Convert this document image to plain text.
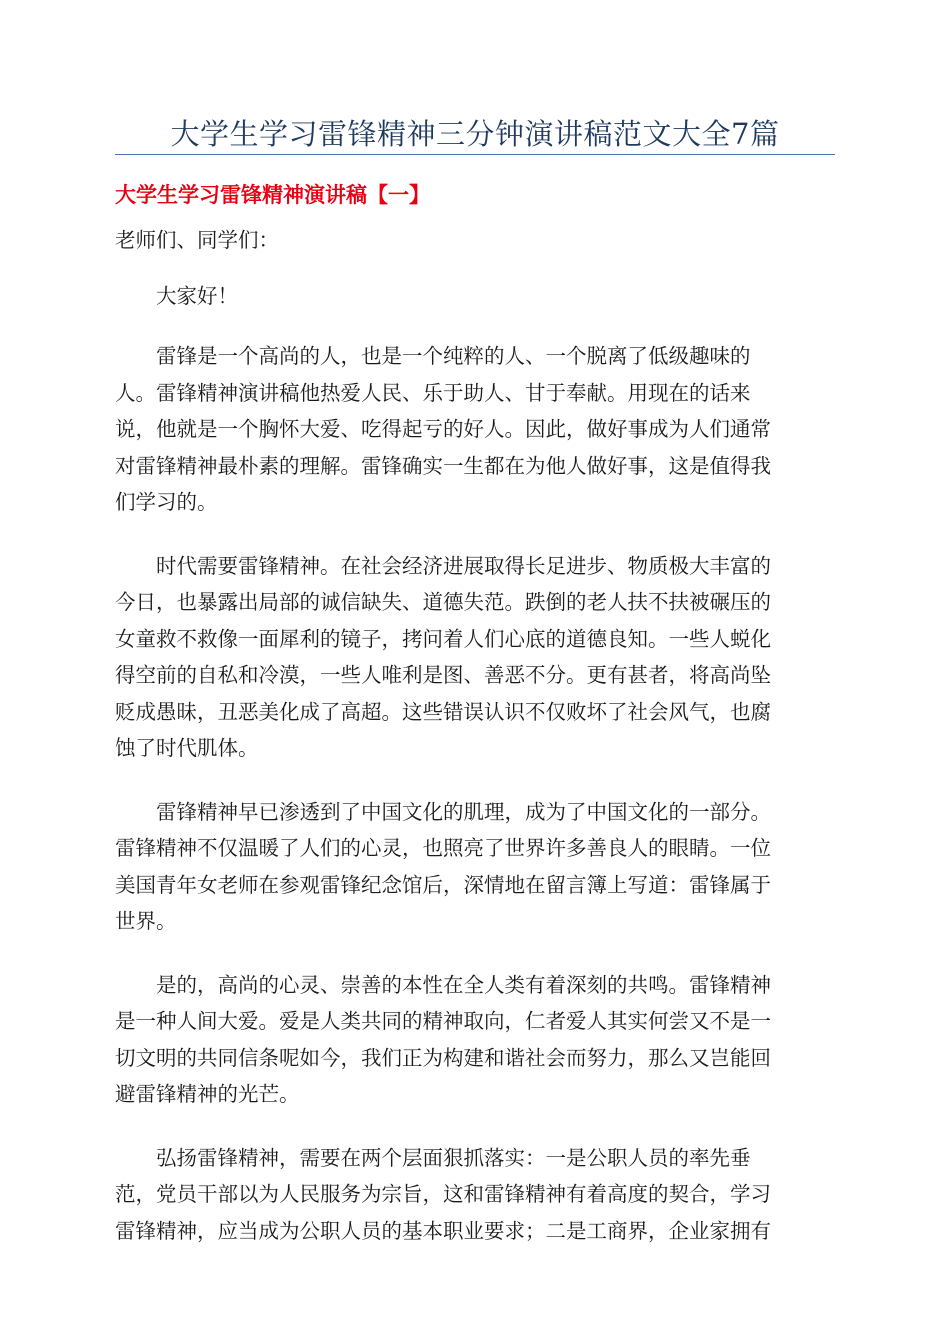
大学生学习雷锋精神三分钟演讲稿范文大全7篇
大学生学习雷锋精神演讲稿【一】
老师们、同学们：
大家好！
雷锋是一个高尚的人，也是一个纯粹的人、一个脱离了低级趣味的
人。雷锋精神演讲稿他热爱人民、乐于助人、甘于奉献。用现在的话来
说，他就是一个胸怀大爱、吃得起亏的好人。因此，做好事成为人们通常
对雷锋精神最朴素的理解。雷锋确实一生都在为他人做好事，这是值得我
们学习的。
时代需要雷锋精神。在社会经济进展取得长足进步、物质极大丰富的
今日，也暴露出局部的诚信缺失、道德失范。跌倒的老人扶不扶被碾压的
女童救不救像一面犀利的镜子，拷问着人们心底的道德良知。一些人蜕化
得空前的自私和冷漠，一些人唯利是图、善恶不分。更有甚者，将高尚坠
贬成愚昧，丑恶美化成了高超。这些错误认识不仅败坏了社会风气，也腐
蚀了时代肌体。
雷锋精神早已渗透到了中国文化的肌理，成为了中国文化的一部分。
雷锋精神不仅温暖了人们的心灵，也照亮了世界许多善良人的眼睛。一位
美国青年女老师在参观雷锋纪念馆后，深情地在留言簿上写道：雷锋属于
世界。
是的，高尚的心灵、崇善的本性在全人类有着深刻的共鸣。雷锋精神
是一种人间大爱。爱是人类共同的精神取向，仁者爱人其实何尝又不是一
切文明的共同信条呢如今，我们正为构建和谐社会而努力，那么又岂能回
避雷锋精神的光芒。
弘扬雷锋精神，需要在两个层面狠抓落实：一是公职人员的率先垂
范，党员干部以为人民服务为宗旨，这和雷锋精神有着高度的契合，学习
雷锋精神，应当成为公职人员的基本职业要求；二是工商界，企业家拥有
